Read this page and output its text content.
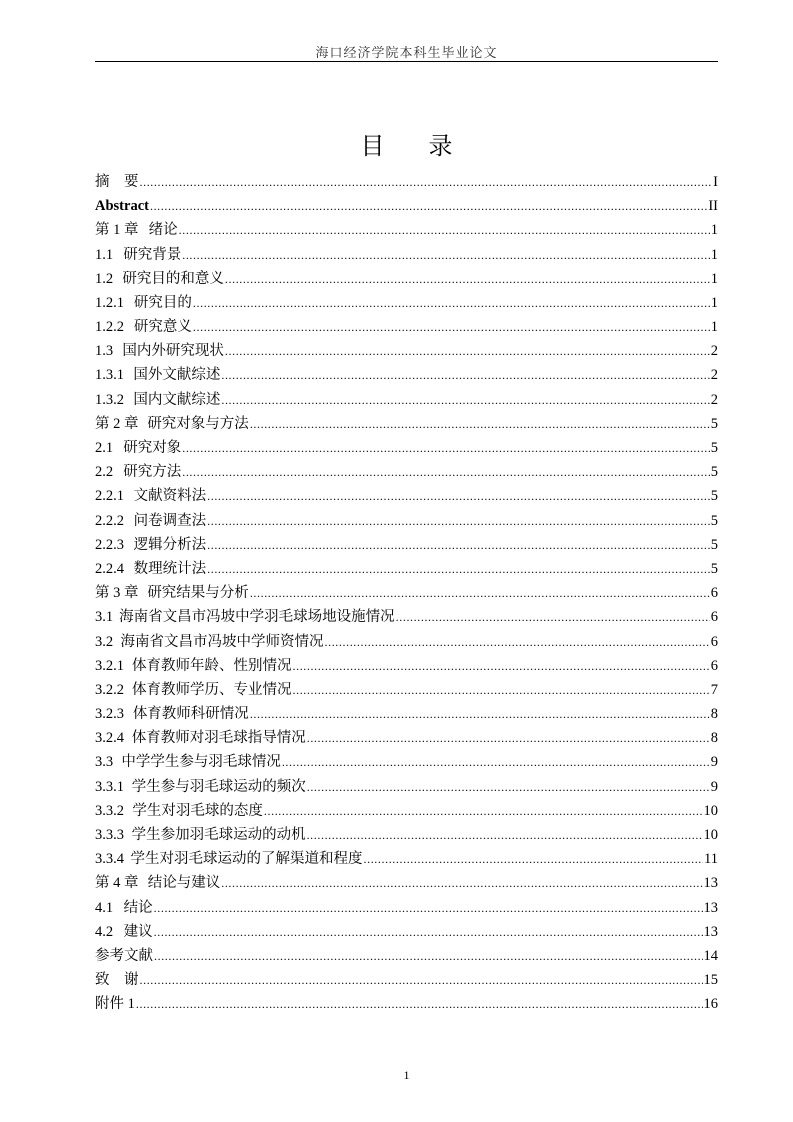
海口经济学院本科生毕业论文
目录
摘　要 .....	I
Abstract .....	II
第 1 章 绪论 .....	1
1.1 研究背景 .....	1
1.2 研究目的和意义 .....	1
1.2.1 研究目的 .....	1
1.2.2 研究意义 .....	1
1.3 国内外研究现状 .....	2
1.3.1 国外文献综述 .....	2
1.3.2 国内文献综述 .....	2
第 2 章 研究对象与方法 .....	5
2.1 研究对象 .....	5
2.2 研究方法 .....	5
2.2.1 文献资料法 .....	5
2.2.2 问卷调查法 .....	5
2.2.3 逻辑分析法 .....	5
2.2.4 数理统计法 .....	5
第 3 章 研究结果与分析 .....	6
3.1 海南省文昌市冯坡中学羽毛球场地设施情况 .....	6
3.2 海南省文昌市冯坡中学师资情况 .....	6
3.2.1 体育教师年龄、性别情况 .....	6
3.2.2 体育教师学历、专业情况 .....	7
3.2.3 体育教师科研情况 .....	8
3.2.4 体育教师对羽毛球指导情况 .....	8
3.3 中学学生参与羽毛球情况 .....	9
3.3.1 学生参与羽毛球运动的频次 .....	9
3.3.2 学生对羽毛球的态度 .....	10
3.3.3 学生参加羽毛球运动的动机 .....	10
3.3.4 学生对羽毛球运动的了解渠道和程度 .....	11
第 4 章 结论与建议 .....	13
4.1 结论 .....	13
4.2 建议 .....	13
参考文献 .....	14
致　谢 .....	15
附件 1 .....	16
1
